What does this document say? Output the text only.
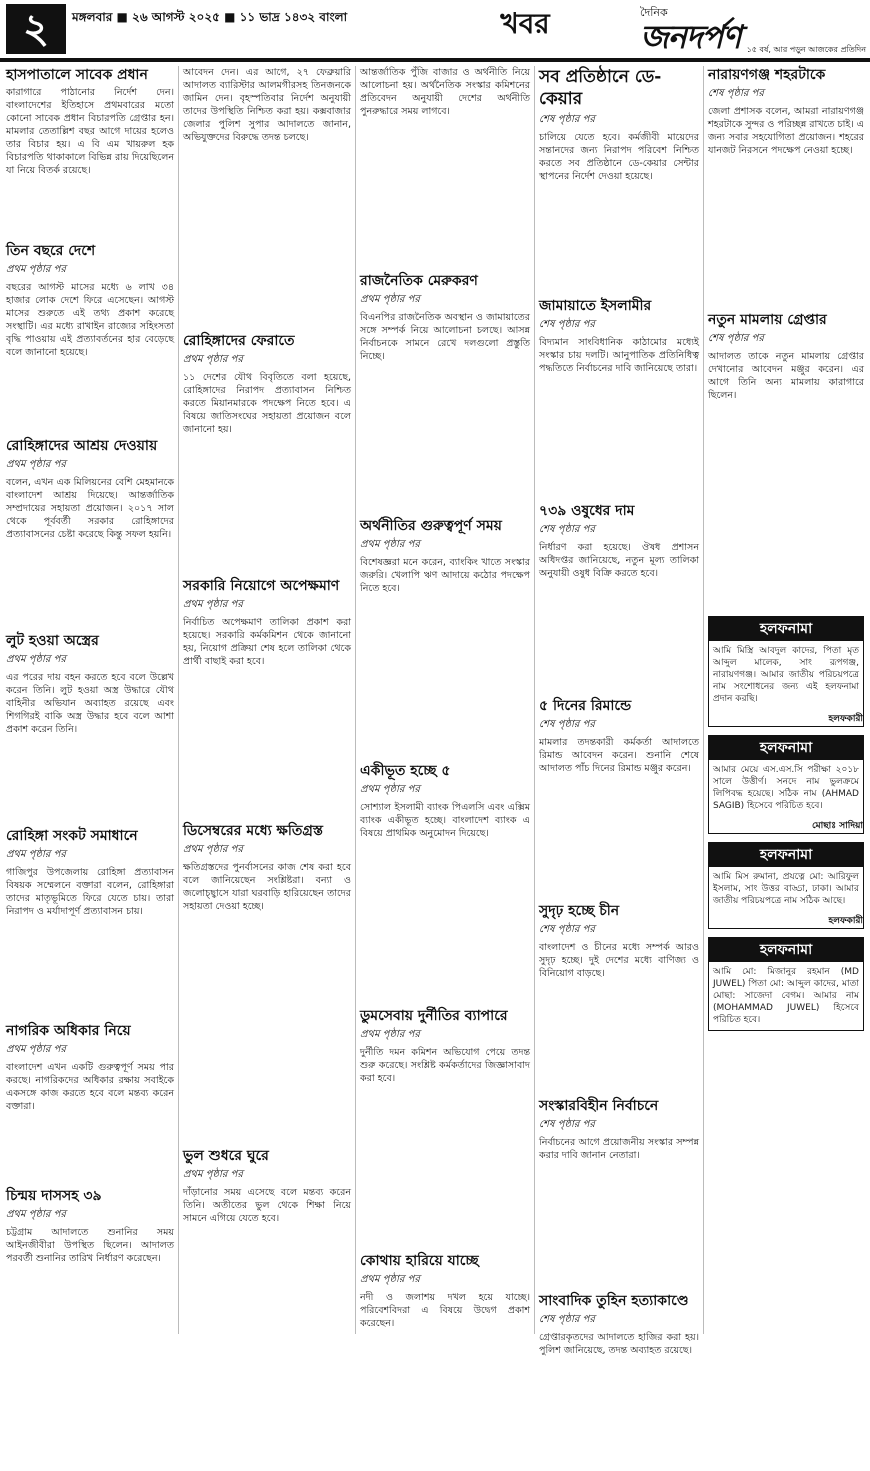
২	মঙ্গলবার ■ ২৬ আগস্ট ২০২৫ ■ ১১ ভাদ্র ১৪৩২ বাংলা	খবর	দৈনিক
জনদর্পণ ১৫ বর্ষ, আর পড়ুন আজকের প্রতিদিন
হাসপাতালে সাবেক প্রধান
কারাগারে পাঠানোর নির্দেশ দেন। বাংলাদেশের ইতিহাসে প্রথমবারের মতো কোনো সাবেক প্রধান বিচারপতি গ্রেপ্তার হন। মামলার তেতাল্লিশ বছর আগে দায়ের হলেও তার বিচার হয়। এ বি এম খায়রুল হক বিচারপতি থাকাকালে বিভিন্ন রায় দিয়েছিলেন যা নিয়ে বিতর্ক রয়েছে।
তিন বছরে দেশে
প্রথম পৃষ্ঠার পর
বছরের আগস্ট মাসের মধ্যে ৬ লাখ ৩৪ হাজার লোক দেশে ফিরে এসেছেন। আগস্ট মাসের শুরুতে এই তথ্য প্রকাশ করেছে সংস্থাটি। এর মধ্যে রাখাইন রাজ্যের সহিংসতা বৃদ্ধি পাওয়ায় এই প্রত্যাবর্তনের হার বেড়েছে বলে জানানো হয়েছে।
রোহিঙ্গাদের আশ্রয় দেওয়ায়
প্রথম পৃষ্ঠার পর
বলেন, এখন এক মিলিয়নের বেশি মেহমানকে বাংলাদেশ আশ্রয় দিয়েছে। আন্তর্জাতিক সম্প্রদায়ের সহায়তা প্রয়োজন। ২০১৭ সাল থেকে পূর্ববর্তী সরকার রোহিঙ্গাদের প্রত্যাবাসনের চেষ্টা করেছে কিন্তু সফল হয়নি।
লুট হওয়া অস্ত্রের
প্রথম পৃষ্ঠার পর
এর পরের দায় বহন করতে হবে বলে উল্লেখ করেন তিনি। লুট হওয়া অস্ত্র উদ্ধারে যৌথ বাহিনীর অভিযান অব্যাহত রয়েছে এবং শিগগিরই বাকি অস্ত্র উদ্ধার হবে বলে আশা প্রকাশ করেন তিনি।
রোহিঙ্গা সংকট সমাধানে
প্রথম পৃষ্ঠার পর
গাজিপুর উপজেলায় রোহিঙ্গা প্রত্যাবাসন বিষয়ক সম্মেলনে বক্তারা বলেন, রোহিঙ্গারা তাদের মাতৃভূমিতে ফিরে যেতে চায়। তারা নিরাপদ ও মর্যাদাপূর্ণ প্রত্যাবাসন চায়।
নাগরিক অধিকার নিয়ে
প্রথম পৃষ্ঠার পর
বাংলাদেশ এখন একটি গুরুত্বপূর্ণ সময় পার করছে। নাগরিকদের অধিকার রক্ষায় সবাইকে একসঙ্গে কাজ করতে হবে বলে মন্তব্য করেন বক্তারা।
চিন্ময় দাসসহ ৩৯
প্রথম পৃষ্ঠার পর
চট্টগ্রাম আদালতে শুনানির সময় আইনজীবীরা উপস্থিত ছিলেন। আদালত পরবর্তী শুনানির তারিখ নির্ধারণ করেছেন।
আবেদন দেন। এর আগে, ২৭ ফেব্রুয়ারি আদালত ব্যারিস্টার আলমগীরসহ তিনজনকে জামিন দেন। বৃহস্পতিবার নির্দেশ অনুযায়ী তাদের উপস্থিতি নিশ্চিত করা হয়। কক্সবাজার জেলার পুলিশ সুপার আদালতে জানান, অভিযুক্তদের বিরুদ্ধে তদন্ত চলছে।
রোহিঙ্গাদের ফেরাতে
প্রথম পৃষ্ঠার পর
১১ দেশের যৌথ বিবৃতিতে বলা হয়েছে, রোহিঙ্গাদের নিরাপদ প্রত্যাবাসন নিশ্চিত করতে মিয়ানমারকে পদক্ষেপ নিতে হবে। এ বিষয়ে জাতিসংঘের সহায়তা প্রয়োজন বলে জানানো হয়।
সরকারি নিয়োগে অপেক্ষমাণ
প্রথম পৃষ্ঠার পর
নির্বাচিত অপেক্ষমাণ তালিকা প্রকাশ করা হয়েছে। সরকারি কর্মকমিশন থেকে জানানো হয়, নিয়োগ প্রক্রিয়া শেষ হলে তালিকা থেকে প্রার্থী বাছাই করা হবে।
ডিসেম্বরের মধ্যে ক্ষতিগ্রস্ত
প্রথম পৃষ্ঠার পর
ক্ষতিগ্রস্তদের পুনর্বাসনের কাজ শেষ করা হবে বলে জানিয়েছেন সংশ্লিষ্টরা। বন্যা ও জলোচ্ছ্বাসে যারা ঘরবাড়ি হারিয়েছেন তাদের সহায়তা দেওয়া হচ্ছে।
ভুল শুধরে ঘুরে
প্রথম পৃষ্ঠার পর
দাঁড়ানোর সময় এসেছে বলে মন্তব্য করেন তিনি। অতীতের ভুল থেকে শিক্ষা নিয়ে সামনে এগিয়ে যেতে হবে।
আন্তর্জাতিক পুঁজি বাজার ও অর্থনীতি নিয়ে আলোচনা হয়। অর্থনৈতিক সংস্কার কমিশনের প্রতিবেদন অনুযায়ী দেশের অর্থনীতি পুনরুদ্ধারে সময় লাগবে।
রাজনৈতিক মেরুকরণ
প্রথম পৃষ্ঠার পর
বিএনপির রাজনৈতিক অবস্থান ও জামায়াতের সঙ্গে সম্পর্ক নিয়ে আলোচনা চলছে। আসন্ন নির্বাচনকে সামনে রেখে দলগুলো প্রস্তুতি নিচ্ছে।
অর্থনীতির গুরুত্বপূর্ণ সময়
প্রথম পৃষ্ঠার পর
বিশেষজ্ঞরা মনে করেন, ব্যাংকিং খাতে সংস্কার জরুরি। খেলাপি ঋণ আদায়ে কঠোর পদক্ষেপ নিতে হবে।
একীভূত হচ্ছে ৫
প্রথম পৃষ্ঠার পর
সোশ্যাল ইসলামী ব্যাংক পিএলসি এবং এক্সিম ব্যাংক একীভূত হচ্ছে। বাংলাদেশ ব্যাংক এ বিষয়ে প্রাথমিক অনুমোদন দিয়েছে।
ডুমসেবায় দুর্নীতির ব্যাপারে
প্রথম পৃষ্ঠার পর
দুর্নীতি দমন কমিশন অভিযোগ পেয়ে তদন্ত শুরু করেছে। সংশ্লিষ্ট কর্মকর্তাদের জিজ্ঞাসাবাদ করা হবে।
কোথায় হারিয়ে যাচ্ছে
প্রথম পৃষ্ঠার পর
নদী ও জলাশয় দখল হয়ে যাচ্ছে। পরিবেশবিদরা এ বিষয়ে উদ্বেগ প্রকাশ করেছেন।
সব প্রতিষ্ঠানে ডে-কেয়ার
শেষ পৃষ্ঠার পর
চালিয়ে যেতে হবে। কর্মজীবী মায়েদের সন্তানদের জন্য নিরাপদ পরিবেশ নিশ্চিত করতে সব প্রতিষ্ঠানে ডে-কেয়ার সেন্টার স্থাপনের নির্দেশ দেওয়া হয়েছে।
জামায়াতে ইসলামীর
শেষ পৃষ্ঠার পর
বিদ্যমান সাংবিধানিক কাঠামোর মধ্যেই সংস্কার চায় দলটি। আনুপাতিক প্রতিনিধিত্ব পদ্ধতিতে নির্বাচনের দাবি জানিয়েছে তারা।
৭৩৯ ওষুধের দাম
শেষ পৃষ্ঠার পর
নির্ধারণ করা হয়েছে। ঔষধ প্রশাসন অধিদপ্তর জানিয়েছে, নতুন মূল্য তালিকা অনুযায়ী ওষুধ বিক্রি করতে হবে।
৫ দিনের রিমান্ডে
শেষ পৃষ্ঠার পর
মামলার তদন্তকারী কর্মকর্তা আদালতে রিমান্ড আবেদন করেন। শুনানি শেষে আদালত পাঁচ দিনের রিমান্ড মঞ্জুর করেন।
সুদৃঢ় হচ্ছে চীন
শেষ পৃষ্ঠার পর
বাংলাদেশ ও চীনের মধ্যে সম্পর্ক আরও সুদৃঢ় হচ্ছে। দুই দেশের মধ্যে বাণিজ্য ও বিনিয়োগ বাড়ছে।
সংস্কারবিহীন নির্বাচনে
শেষ পৃষ্ঠার পর
নির্বাচনের আগে প্রয়োজনীয় সংস্কার সম্পন্ন করার দাবি জানান নেতারা।
সাংবাদিক তুহিন হত্যাকাণ্ডে
শেষ পৃষ্ঠার পর
গ্রেপ্তারকৃতদের আদালতে হাজির করা হয়। পুলিশ জানিয়েছে, তদন্ত অব্যাহত রয়েছে।
নারায়ণগঞ্জ শহরটাকে
শেষ পৃষ্ঠার পর
জেলা প্রশাসক বলেন, আমরা নারায়ণগঞ্জ শহরটাকে সুন্দর ও পরিচ্ছন্ন রাখতে চাই। এ জন্য সবার সহযোগিতা প্রয়োজন। শহরের যানজট নিরসনে পদক্ষেপ নেওয়া হচ্ছে।
নতুন মামলায় গ্রেপ্তার
শেষ পৃষ্ঠার পর
আদালত তাকে নতুন মামলায় গ্রেপ্তার দেখানোর আবেদন মঞ্জুর করেন। এর আগে তিনি অন্য মামলায় কারাগারে ছিলেন।
হলফনামা
আমি মিস্ত্রি আবদুল কাদের, পিতা মৃত আব্দুল মালেক, সাং রূপগঞ্জ, নারায়ণগঞ্জ। আমার জাতীয় পরিচয়পত্রে নাম সংশোধনের জন্য এই হলফনামা প্রদান করছি।
হলফকারী
হলফনামা
আমার মেয়ে এস.এস.সি পরীক্ষা ২০১৮ সালে উত্তীর্ণ। সনদে নাম ভুলক্রমে লিপিবদ্ধ হয়েছে। সঠিক নাম (AHMAD SAGIB) হিসেবে পরিচিত হবে।
মোছাঃ সাদিয়া
হলফনামা
আমি মিস রুমানা, প্রযত্নে মো: আরিফুল ইসলাম, সাং উত্তর বাড্ডা, ঢাকা। আমার জাতীয় পরিচয়পত্রে নাম সঠিক আছে।
হলফকারী
হলফনামা
আমি মো: মিজানুর রহমান (MD JUWEL) পিতা মো: আব্দুল কাদের, মাতা মোছা: সাজেদা বেগম। আমার নাম (MOHAMMAD JUWEL) হিসেবে পরিচিত হবে।
